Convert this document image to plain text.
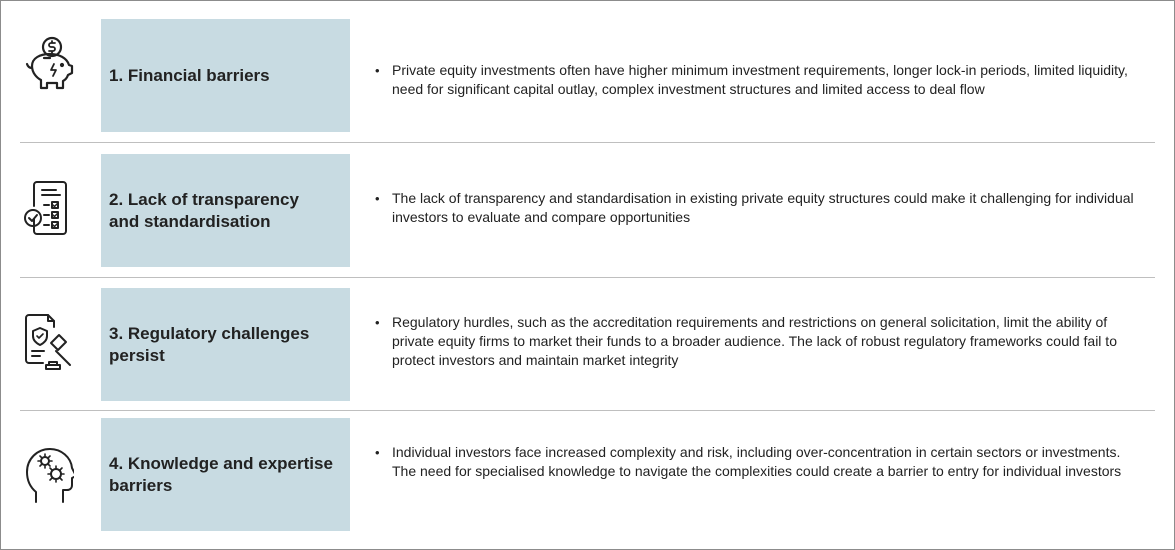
1. Financial barriers	• Private equity investments often have higher minimum investment requirements, longer lock-in periods, limited liquidity, need for significant capital outlay, complex investment structures and limited access to deal flow
2. Lack of transparency
and standardisation
• The lack of transparency and standardisation in existing private equity structures could make it challenging for individual investors to evaluate and compare opportunities
3. Regulatory challenges
persist
• Regulatory hurdles, such as the accreditation requirements and restrictions on general solicitation, limit the ability of private equity firms to market their funds to a broader audience. The lack of robust regulatory frameworks could fail to protect investors and maintain market integrity
4. Knowledge and expertise
barriers
• Individual investors face increased complexity and risk, including over-concentration in certain sectors or investments. The need for specialised knowledge to navigate the complexities could create a barrier to entry for individual investors
